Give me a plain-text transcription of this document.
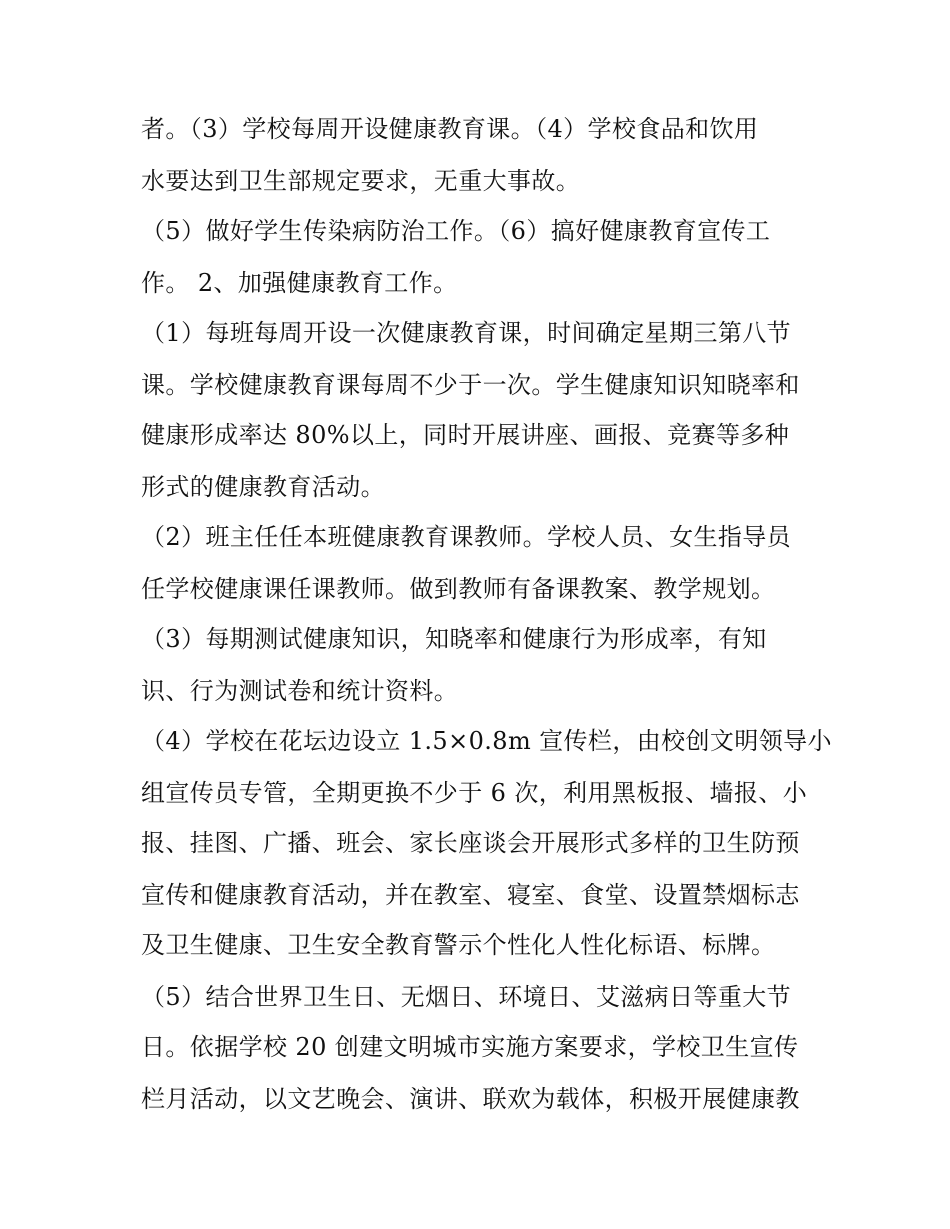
者。（3）学校每周开设健康教育课。（4）学校食品和饮用
水要达到卫生部规定要求，无重大事故。
（5）做好学生传染病防治工作。（6）搞好健康教育宣传工
作。 2、加强健康教育工作。
（1）每班每周开设一次健康教育课，时间确定星期三第八节
课。学校健康教育课每周不少于一次。学生健康知识知晓率和
健康形成率达 80%以上，同时开展讲座、画报、竞赛等多种
形式的健康教育活动。
（2）班主任任本班健康教育课教师。学校人员、女生指导员
任学校健康课任课教师。做到教师有备课教案、教学规划。
（3）每期测试健康知识，知晓率和健康行为形成率，有知
识、行为测试卷和统计资料。
（4）学校在花坛边设立 1.5×0.8m 宣传栏，由校创文明领导小
组宣传员专管，全期更换不少于 6 次，利用黑板报、墙报、小
报、挂图、广播、班会、家长座谈会开展形式多样的卫生防预
宣传和健康教育活动，并在教室、寝室、食堂、设置禁烟标志
及卫生健康、卫生安全教育警示个性化人性化标语、标牌。
（5）结合世界卫生日、无烟日、环境日、艾滋病日等重大节
日。依据学校 20 创建文明城市实施方案要求，学校卫生宣传
栏月活动，以文艺晚会、演讲、联欢为载体，积极开展健康教
